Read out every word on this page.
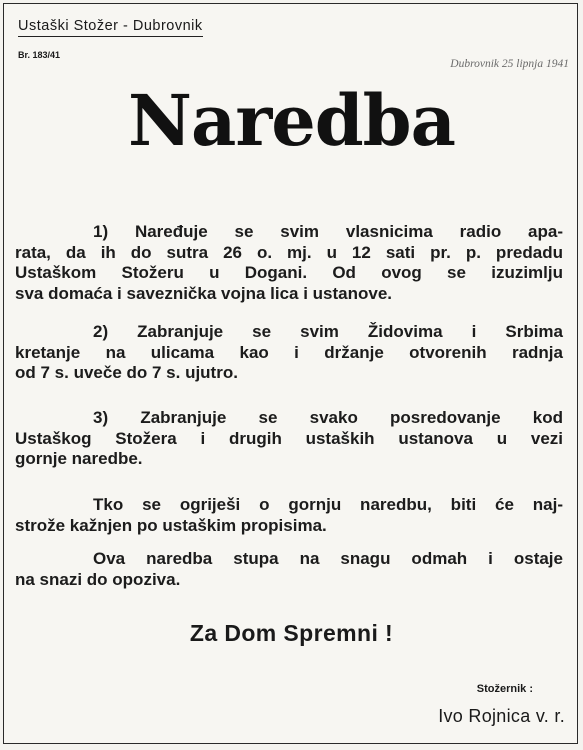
Ustaški Stožer - Dubrovnik
Br. 183/41
Dubrovnik 25 lipnja 1941
Naredba

1) Naređuje se svim vlasnicima radio apa-
rata, da ih do sutra 26 o. mj. u 12 sati pr. p. predadu
Ustaškom Stožeru u Dogani. Od ovog se izuzimlju
sva domaća i saveznička vojna lica i ustanove.

2) Zabranjuje se svim Židovima i Srbima
kretanje na ulicama kao i držanje otvorenih radnja
od 7 s. uveče do 7 s. ujutro.

3) Zabranjuje se svako posredovanje kod
Ustaškog Stožera i drugih ustaških ustanova u vezi
gornje naredbe.

Tko se ogriješi o gornju naredbu, biti će naj-
strože kažnjen po ustaškim propisima.

Ova naredba stupa na snagu odmah i ostaje
na snazi do opoziva.

Za Dom Spremni !
Stožernik :
Ivo Rojnica v. r.
